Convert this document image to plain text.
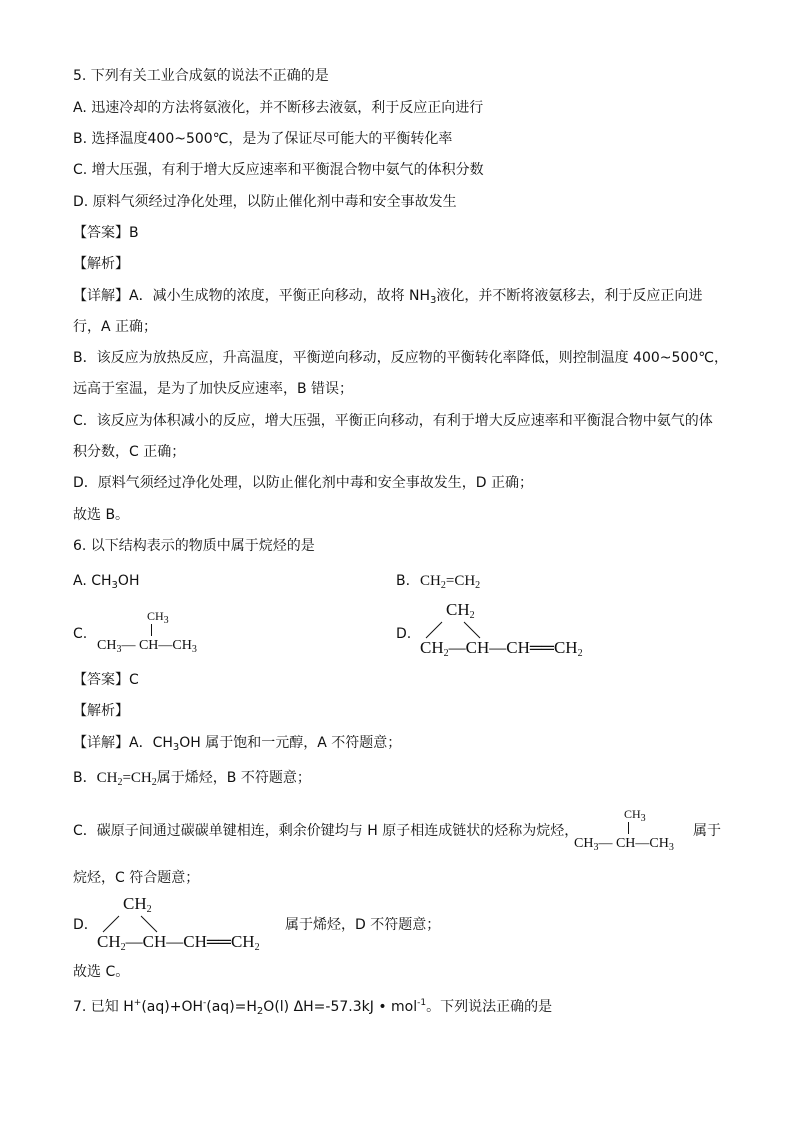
5. 下列有关工业合成氨的说法不正确的是
A. 迅速冷却的方法将氨液化，并不断移去液氨，利于反应正向进行
B. 选择温度400~500℃，是为了保证尽可能大的平衡转化率
C. 增大压强，有利于增大反应速率和平衡混合物中氨气的体积分数
D. 原料气须经过净化处理，以防止催化剂中毒和安全事故发生
【答案】B
【解析】
【详解】A．减小生成物的浓度，平衡正向移动，故将 $NH_3$液化，并不断将液氨移去，利于反应正向进
行，A 正确；
B．该反应为放热反应，升高温度，平衡逆向移动，反应物的平衡转化率降低，则控制温度 400~500℃，
远高于室温，是为了加快反应速率，B 错误；
C．该反应为体积减小的反应，增大压强，平衡正向移动，有利于增大反应速率和平衡混合物中氨气的体
积分数，C 正确；
D．原料气须经过净化处理，以防止催化剂中毒和安全事故发生，D 正确；
故选 B。
6. 以下结构表示的物质中属于烷烃的是
A. $CH_3OH$	B. $CH_2=CH_2$
C.
$CH_3$
$CH_3—$ $CH—CH_3$
D.
$CH_2$
$CH_2—CH—CH══CH_2$
【答案】C
【解析】
【详解】A．$CH_3OH$ 属于饱和一元醇，A 不符题意；
B．$CH_2=CH_2$属于烯烃，B 不符题意；
C．碳原子间通过碳碳单键相连，剩余价键均与 H 原子相连成链状的烃称为烷烃，
$CH_3$
$CH_3—$ $CH—CH_3$
属于
烷烃，C 符合题意；
D．
$CH_2$
$CH_2—CH—CH══CH_2$
属于烯烃，D 不符题意；
故选 C。
7. 已知 $H^+(aq)+OH^-(aq)=H_2O(l)$ ΔH=-57.3kJ • mol$^{-1}$。下列说法正确的是
